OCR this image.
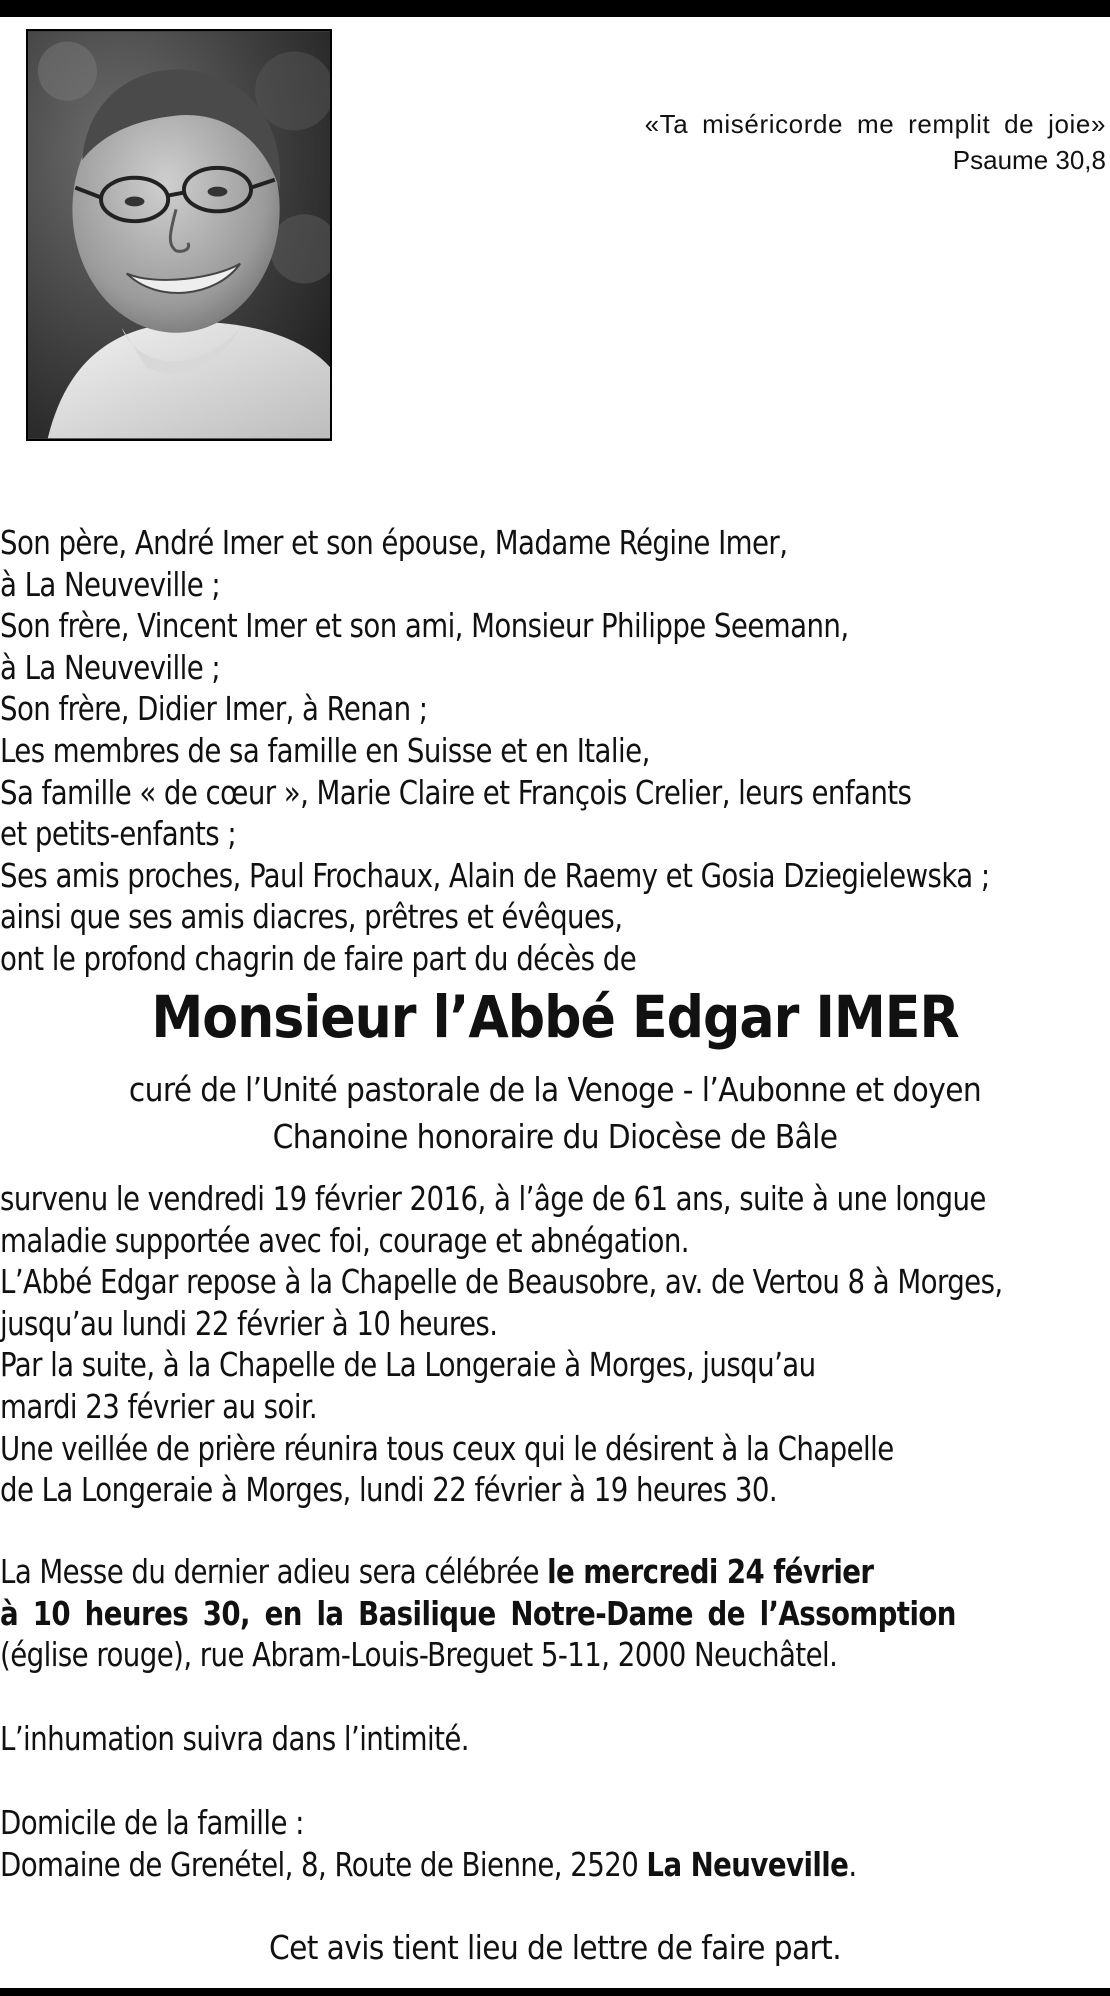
«Ta miséricorde me remplit de joie»
Psaume 30,8
Son père, André Imer et son épouse, Madame Régine Imer,
à La Neuveville ;
Son frère, Vincent Imer et son ami, Monsieur Philippe Seemann,
à La Neuveville ;
Son frère, Didier Imer, à Renan ;
Les membres de sa famille en Suisse et en Italie,
Sa famille « de cœur », Marie Claire et François Crelier, leurs enfants
et petits-enfants ;
Ses amis proches, Paul Frochaux, Alain de Raemy et Gosia Dziegielewska ;
ainsi que ses amis diacres, prêtres et évêques,
ont le profond chagrin de faire part du décès de
Monsieur l’Abbé Edgar IMER
curé de l’Unité pastorale de la Venoge - l’Aubonne et doyen
Chanoine honoraire du Diocèse de Bâle
survenu le vendredi 19 février 2016, à l’âge de 61 ans, suite à une longue
maladie supportée avec foi, courage et abnégation.
L’Abbé Edgar repose à la Chapelle de Beausobre, av. de Vertou 8 à Morges,
jusqu’au lundi 22 février à 10 heures.
Par la suite, à la Chapelle de La Longeraie à Morges, jusqu’au
mardi 23 février au soir.
Une veillée de prière réunira tous ceux qui le désirent à la Chapelle
de La Longeraie à Morges, lundi 22 février à 19 heures 30.
La Messe du dernier adieu sera célébrée le mercredi 24 février
à 10 heures 30, en la Basilique Notre-Dame de l’Assomption
(église rouge), rue Abram-Louis-Breguet 5-11, 2000 Neuchâtel.
L’inhumation suivra dans l’intimité.
Domicile de la famille :
Domaine de Grenétel, 8, Route de Bienne, 2520 La Neuveville.
Cet avis tient lieu de lettre de faire part.
